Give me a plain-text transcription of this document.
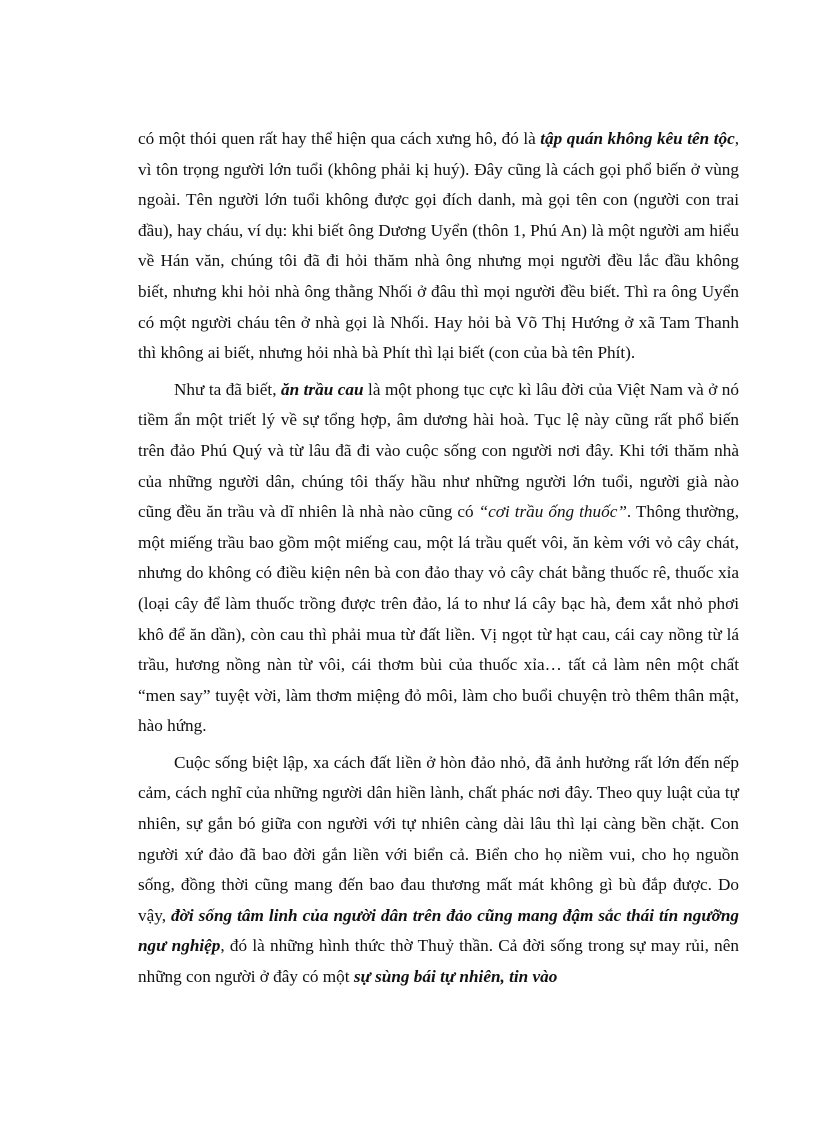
có một thói quen rất hay thể hiện qua cách xưng hô, đó là tập quán không kêu tên tộc, vì tôn trọng người lớn tuổi (không phải kị huý). Đây cũng là cách gọi phổ biến ở vùng ngoài. Tên người lớn tuổi không được gọi đích danh, mà gọi tên con (người con trai đầu), hay cháu, ví dụ: khi biết ông Dương Uyển (thôn 1, Phú An) là một người am hiểu về Hán văn, chúng tôi đã đi hỏi thăm nhà ông nhưng mọi người đều lắc đầu không biết, nhưng khi hỏi nhà ông thằng Nhối ở đâu thì mọi người đều biết. Thì ra ông Uyển có một người cháu tên ở nhà gọi là Nhối. Hay hỏi bà Võ Thị Hướng ở xã Tam Thanh thì không ai biết, nhưng hỏi nhà bà Phít thì lại biết (con của bà tên Phít).

Như ta đã biết, ăn trầu cau là một phong tục cực kì lâu đời của Việt Nam và ở nó tiềm ẩn một triết lý về sự tổng hợp, âm dương hài hoà. Tục lệ này cũng rất phổ biến trên đảo Phú Quý và từ lâu đã đi vào cuộc sống con người nơi đây. Khi tới thăm nhà của những người dân, chúng tôi thấy hầu như những người lớn tuổi, người già nào cũng đều ăn trầu và dĩ nhiên là nhà nào cũng có “cơi trầu ống thuốc”. Thông thường, một miếng trầu bao gồm một miếng cau, một lá trầu quết vôi, ăn kèm với vỏ cây chát, nhưng do không có điều kiện nên bà con đảo thay vỏ cây chát bằng thuốc rê, thuốc xỉa (loại cây để làm thuốc trồng được trên đảo, lá to như lá cây bạc hà, đem xắt nhỏ phơi khô để ăn dần), còn cau thì phải mua từ đất liền. Vị ngọt từ hạt cau, cái cay nồng từ lá trầu, hương nồng nàn từ vôi, cái thơm bùi của thuốc xỉa… tất cả làm nên một chất “men say” tuyệt vời, làm thơm miệng đỏ môi, làm cho buổi chuyện trò thêm thân mật, hào hứng.

Cuộc sống biệt lập, xa cách đất liền ở hòn đảo nhỏ, đã ảnh hưởng rất lớn đến nếp cảm, cách nghĩ của những người dân hiền lành, chất phác nơi đây. Theo quy luật của tự nhiên, sự gắn bó giữa con người với tự nhiên càng dài lâu thì lại càng bền chặt. Con người xứ đảo đã bao đời gắn liền với biển cả. Biển cho họ niềm vui, cho họ nguồn sống, đồng thời cũng mang đến bao đau thương mất mát không gì bù đắp được. Do vậy, đời sống tâm linh của người dân trên đảo cũng mang đậm sắc thái tín ngưỡng ngư nghiệp, đó là những hình thức thờ Thuỷ thần. Cả đời sống trong sự may rủi, nên những con người ở đây có một sự sùng bái tự nhiên, tin vào
